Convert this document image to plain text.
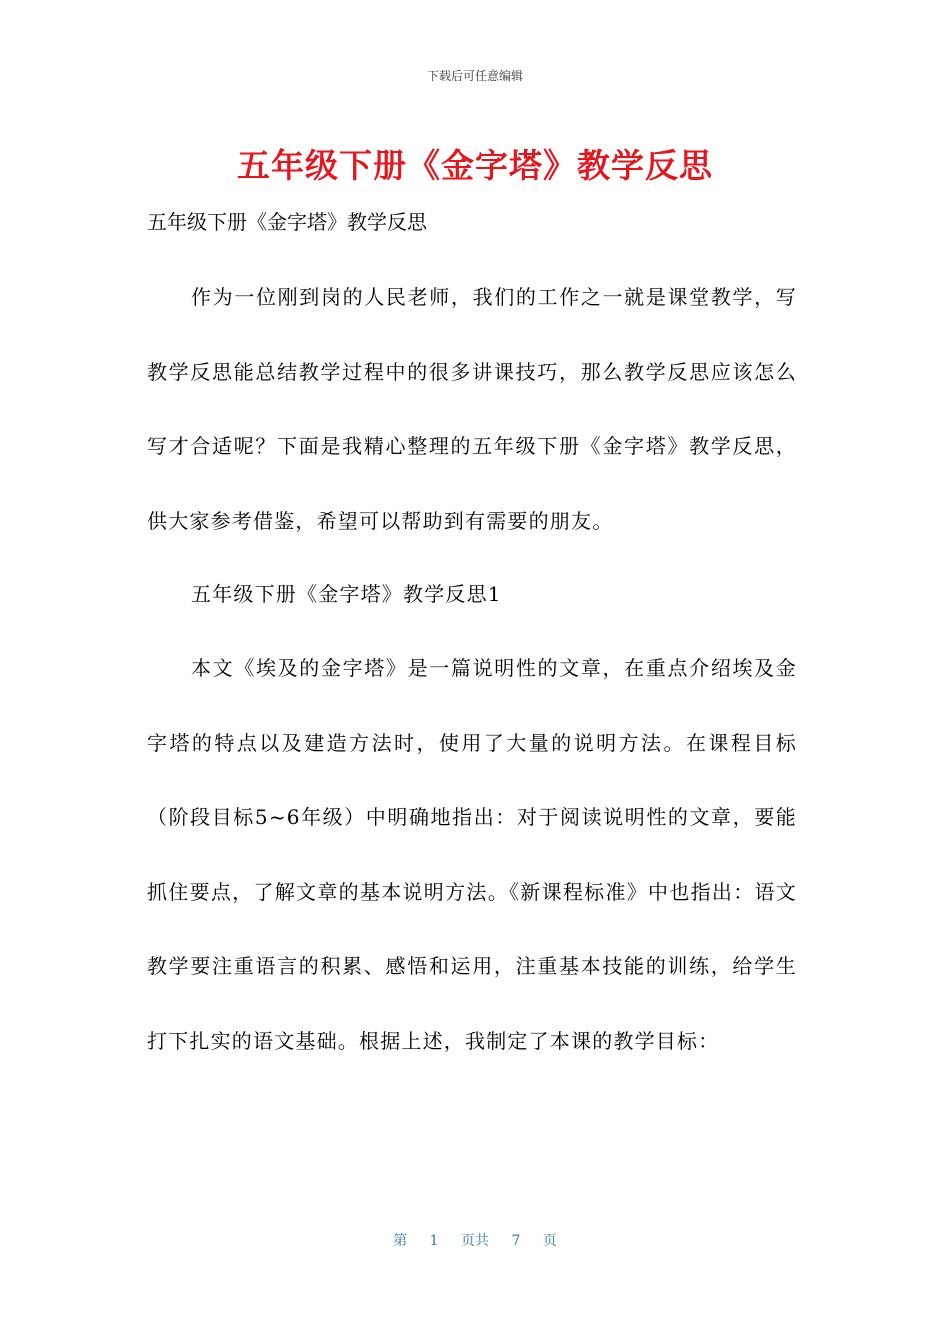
下载后可任意编辑
五年级下册《金字塔》教学反思

五年级下册《金字塔》教学反思

作为一位刚到岗的人民老师，我们的工作之一就是课堂教学，写教学反思能总结教学过程中的很多讲课技巧，那么教学反思应该怎么写才合适呢？下面是我精心整理的五年级下册《金字塔》教学反思，供大家参考借鉴，希望可以帮助到有需要的朋友。

五年级下册《金字塔》教学反思1

本文《埃及的金字塔》是一篇说明性的文章，在重点介绍埃及金字塔的特点以及建造方法时，使用了大量的说明方法。在课程目标（阶段目标5~6年级）中明确地指出：对于阅读说明性的文章，要能抓住要点，了解文章的基本说明方法。《新课程标准》中也指出：语文教学要注重语言的积累、感悟和运用，注重基本技能的训练，给学生打下扎实的语文基础。根据上述，我制定了本课的教学目标：

第 1 页共 7 页
